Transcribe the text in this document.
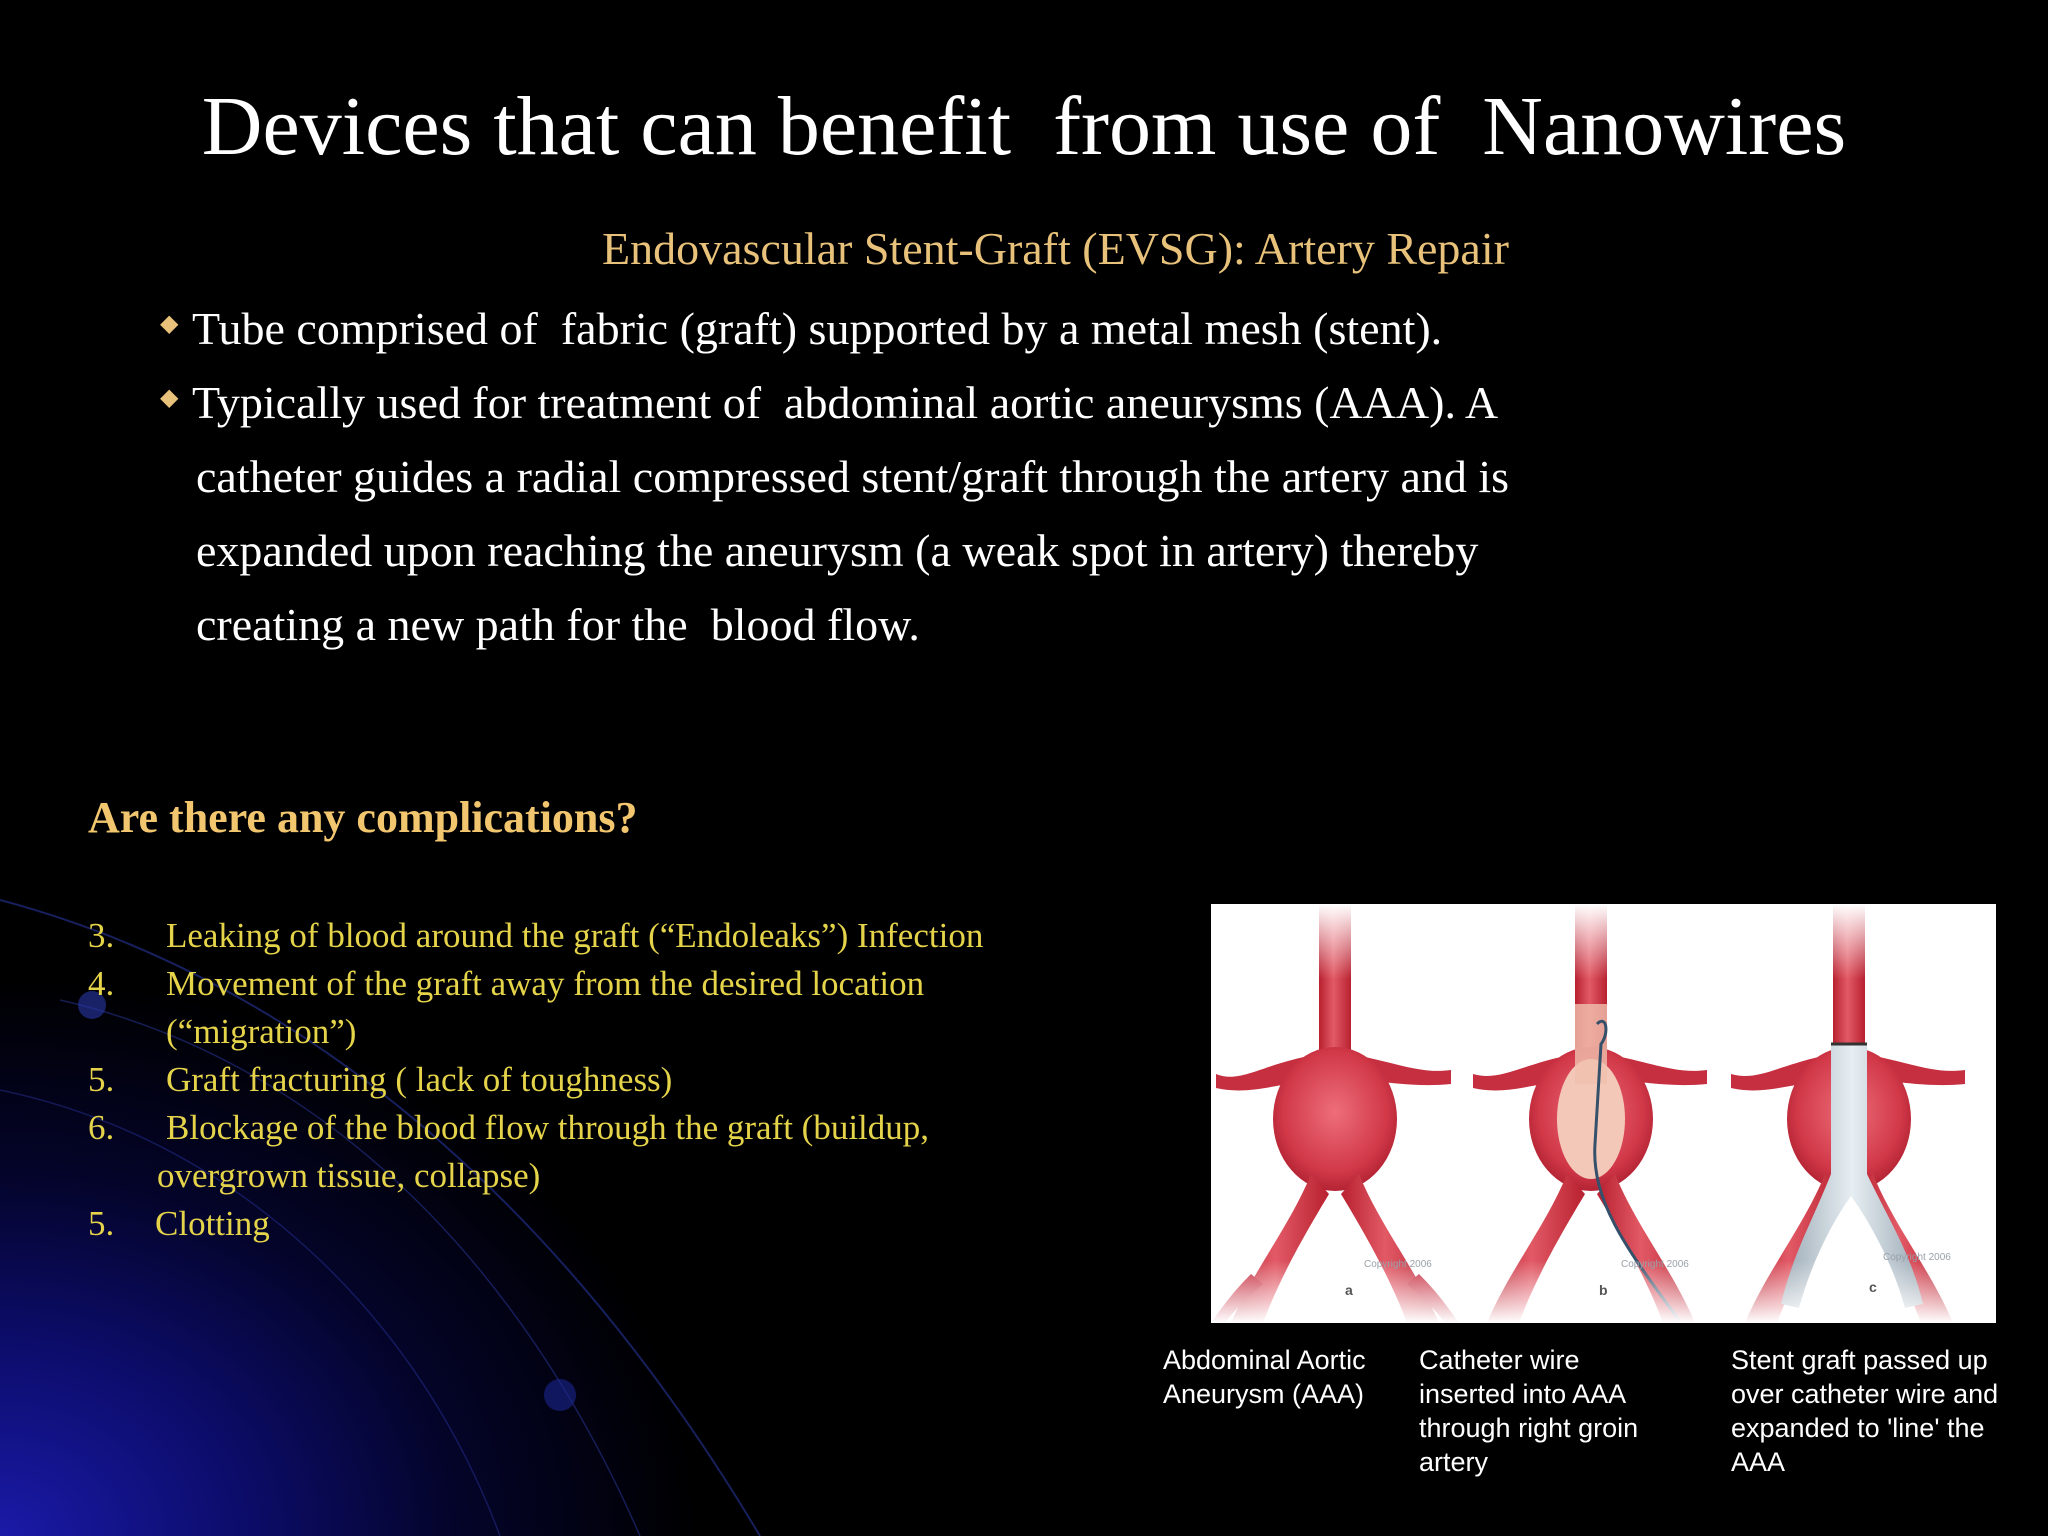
Devices that can benefit  from use of  Nanowires
Endovascular Stent-Graft (EVSG): Artery Repair
◆ Tube comprised of  fabric (graft) supported by a metal mesh (stent).
◆ Typically used for treatment of  abdominal aortic aneurysms (AAA). A
catheter guides a radial compressed stent/graft through the artery and is
expanded upon reaching the aneurysm (a weak spot in artery) thereby
creating a new path for the  blood flow.
Are there any complications?
3.	Leaking of blood around the graft (“Endoleaks”) Infection
4.	Movement of the graft away from the desired location
(“migration”)
5.	Graft fracturing ( lack of toughness)
6.	Blockage of the blood flow through the graft (buildup,
overgrown tissue, collapse)
5.	Clotting
Copyright 2006	Copyright 2006
Copyright 2006
a	b	c
Abdominal Aortic
Aneurysm (AAA)
Catheter wire
inserted into AAA
through right groin
artery
Stent graft passed up
over catheter wire and
expanded to 'line' the
AAA
